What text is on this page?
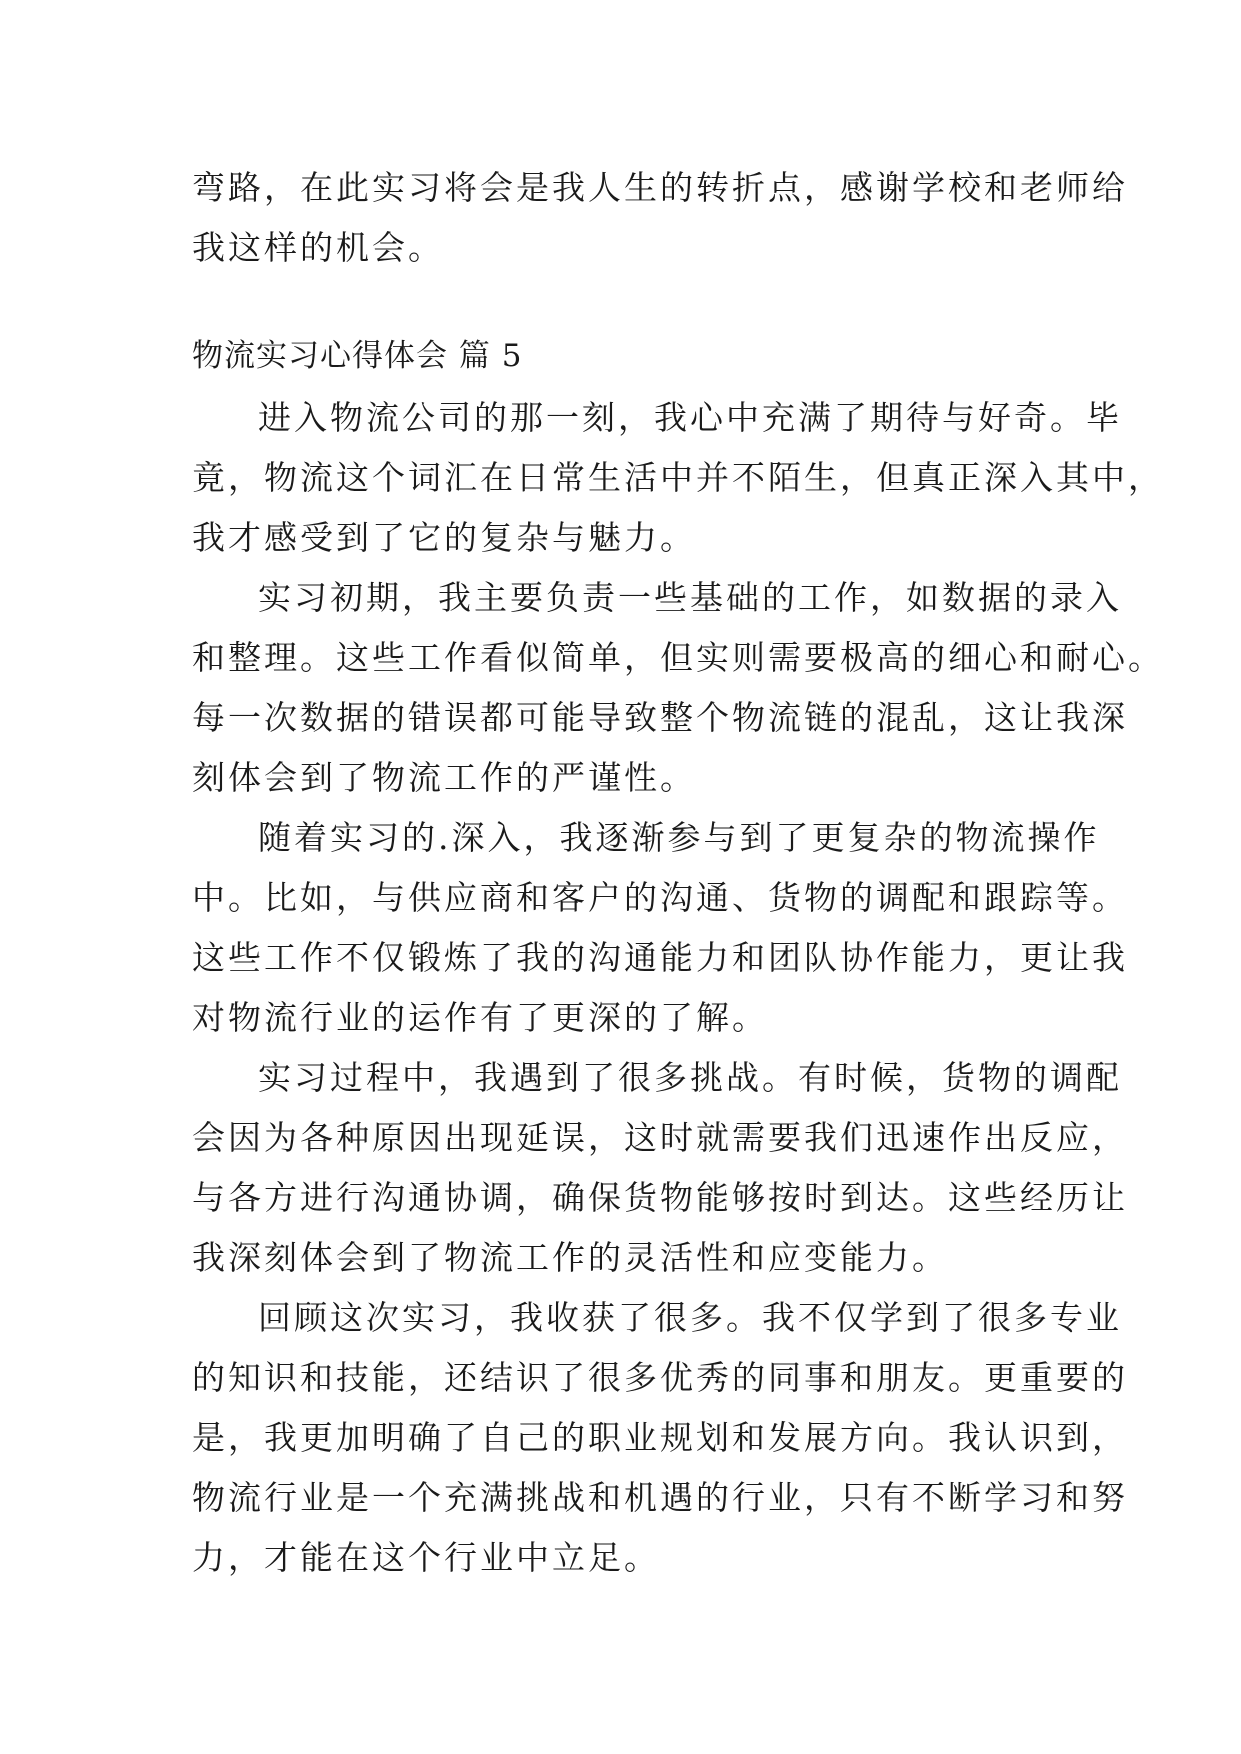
弯路，在此实习将会是我人生的转折点，感谢学校和老师给
我这样的机会。
物流实习心得体会 篇 5
进入物流公司的那一刻，我心中充满了期待与好奇。毕
竟，物流这个词汇在日常生活中并不陌生，但真正深入其中，
我才感受到了它的复杂与魅力。
实习初期，我主要负责一些基础的工作，如数据的录入
和整理。这些工作看似简单，但实则需要极高的细心和耐心。
每一次数据的错误都可能导致整个物流链的混乱，这让我深
刻体会到了物流工作的严谨性。
随着实习的.深入，我逐渐参与到了更复杂的物流操作
中。比如，与供应商和客户的沟通、货物的调配和跟踪等。
这些工作不仅锻炼了我的沟通能力和团队协作能力，更让我
对物流行业的运作有了更深的了解。
实习过程中，我遇到了很多挑战。有时候，货物的调配
会因为各种原因出现延误，这时就需要我们迅速作出反应，
与各方进行沟通协调，确保货物能够按时到达。这些经历让
我深刻体会到了物流工作的灵活性和应变能力。
回顾这次实习，我收获了很多。我不仅学到了很多专业
的知识和技能，还结识了很多优秀的同事和朋友。更重要的
是，我更加明确了自己的职业规划和发展方向。我认识到，
物流行业是一个充满挑战和机遇的行业，只有不断学习和努
力，才能在这个行业中立足。
